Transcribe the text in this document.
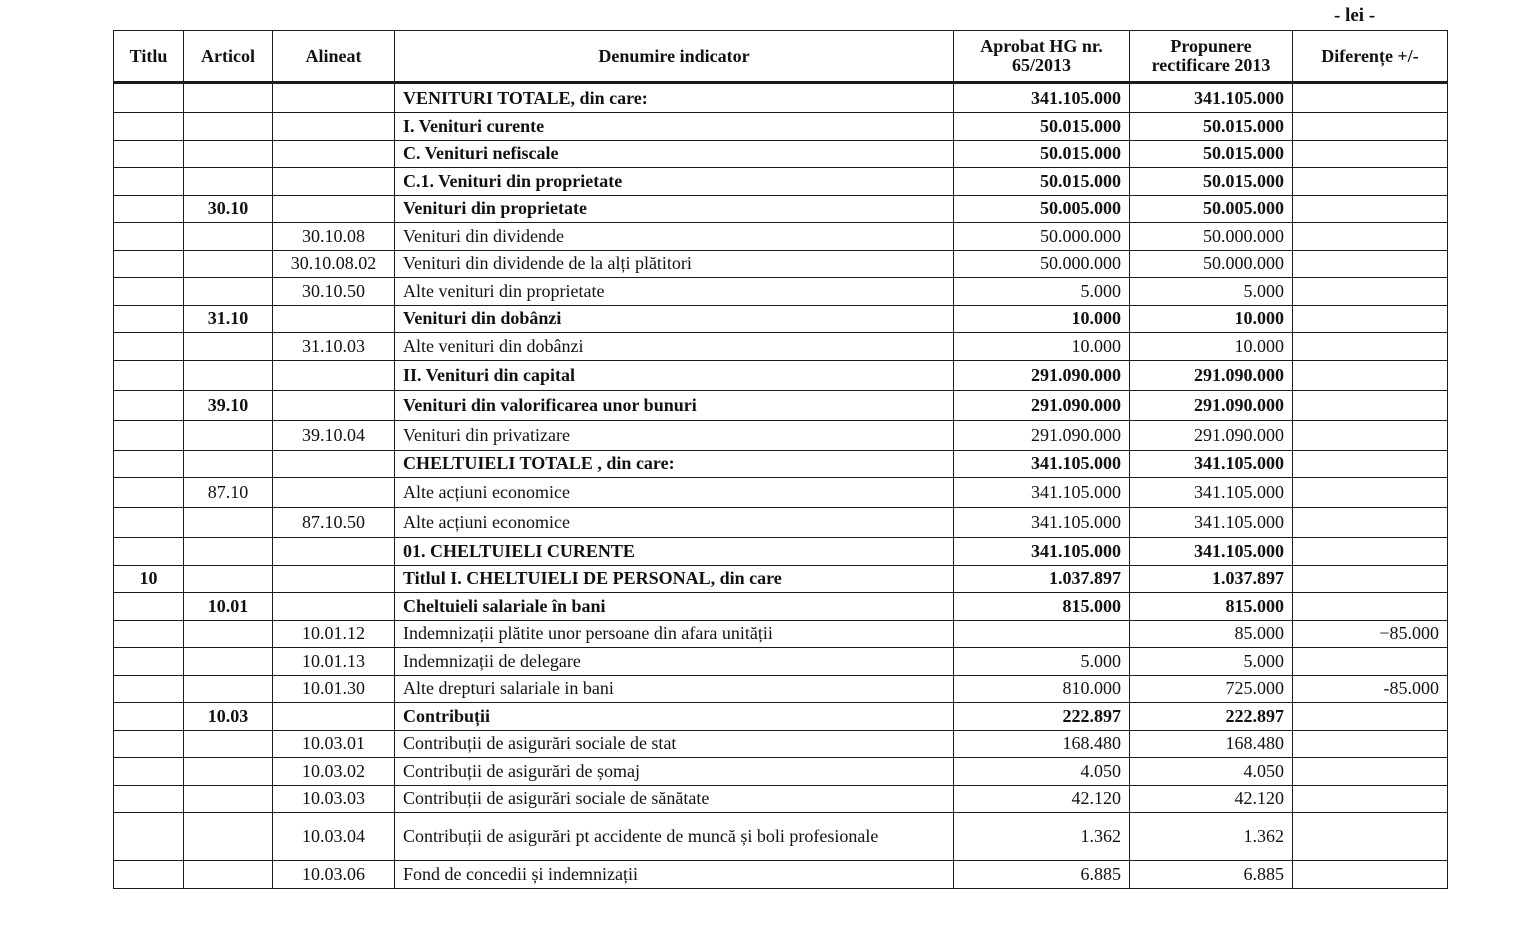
- lei -
Titlu	Articol	Alineat	Denumire indicator	Aprobat HG nr. 65/2013	Propunere rectificare 2013	Diferențe +/-
			VENITURI TOTALE, din care:	341.105.000	341.105.000	
			I. Venituri curente	50.015.000	50.015.000	
			C. Venituri nefiscale	50.015.000	50.015.000	
			C.1. Venituri din proprietate	50.015.000	50.015.000	
	30.10		Venituri din proprietate	50.005.000	50.005.000	
		30.10.08	Venituri din dividende	50.000.000	50.000.000	
		30.10.08.02	Venituri din dividende de la alți plătitori	50.000.000	50.000.000	
		30.10.50	Alte venituri din proprietate	5.000	5.000	
	31.10		Venituri din dobânzi	10.000	10.000	
		31.10.03	Alte venituri din dobânzi	10.000	10.000	
			II. Venituri din capital	291.090.000	291.090.000	
	39.10		Venituri din valorificarea unor bunuri	291.090.000	291.090.000	
		39.10.04	Venituri din privatizare	291.090.000	291.090.000	
			CHELTUIELI TOTALE , din care:	341.105.000	341.105.000	
	87.10		Alte acțiuni economice	341.105.000	341.105.000	
		87.10.50	Alte acțiuni economice	341.105.000	341.105.000	
			01. CHELTUIELI CURENTE	341.105.000	341.105.000	
10			Titlul I. CHELTUIELI DE PERSONAL, din care	1.037.897	1.037.897	
	10.01		Cheltuieli salariale în bani	815.000	815.000	
		10.01.12	Indemnizații plătite unor persoane din afara unității		85.000	−85.000
		10.01.13	Indemnizații de delegare	5.000	5.000	
		10.01.30	Alte drepturi salariale in bani	810.000	725.000	-85.000
	10.03		Contribuții	222.897	222.897	
		10.03.01	Contribuții de asigurări sociale de stat	168.480	168.480	
		10.03.02	Contribuții de asigurări de șomaj	4.050	4.050	
		10.03.03	Contribuții de asigurări sociale de sănătate	42.120	42.120	
		10.03.04	Contribuții de asigurări pt accidente de muncă și boli profesionale	1.362	1.362	
		10.03.06	Fond de concedii și indemnizații	6.885	6.885	
